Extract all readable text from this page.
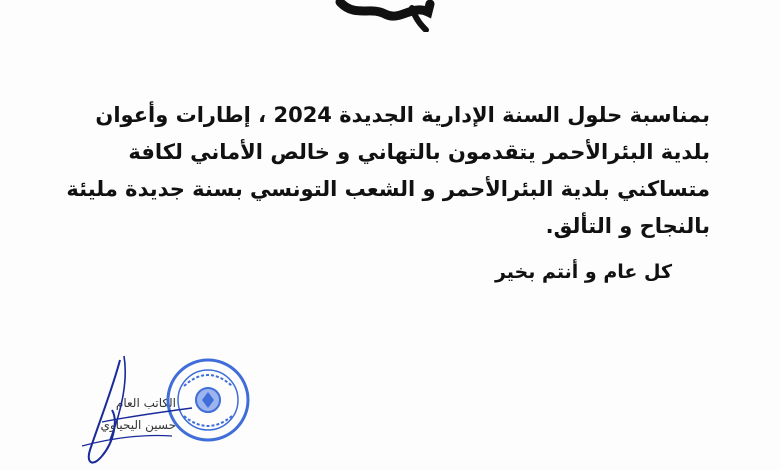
بمناسبة حلول السنة الإدارية الجديدة 2024 ، إطارات وأعوان

بلدية البئرالأحمر يتقدمون بالتهاني و خالص الأماني لكافة

متساكني بلدية البئرالأحمر و الشعب التونسي بسنة جديدة مليئة

بالنجاح و التألق.

كل عام و أنتم بخير

الكاتب العام

حسين اليحياوي
